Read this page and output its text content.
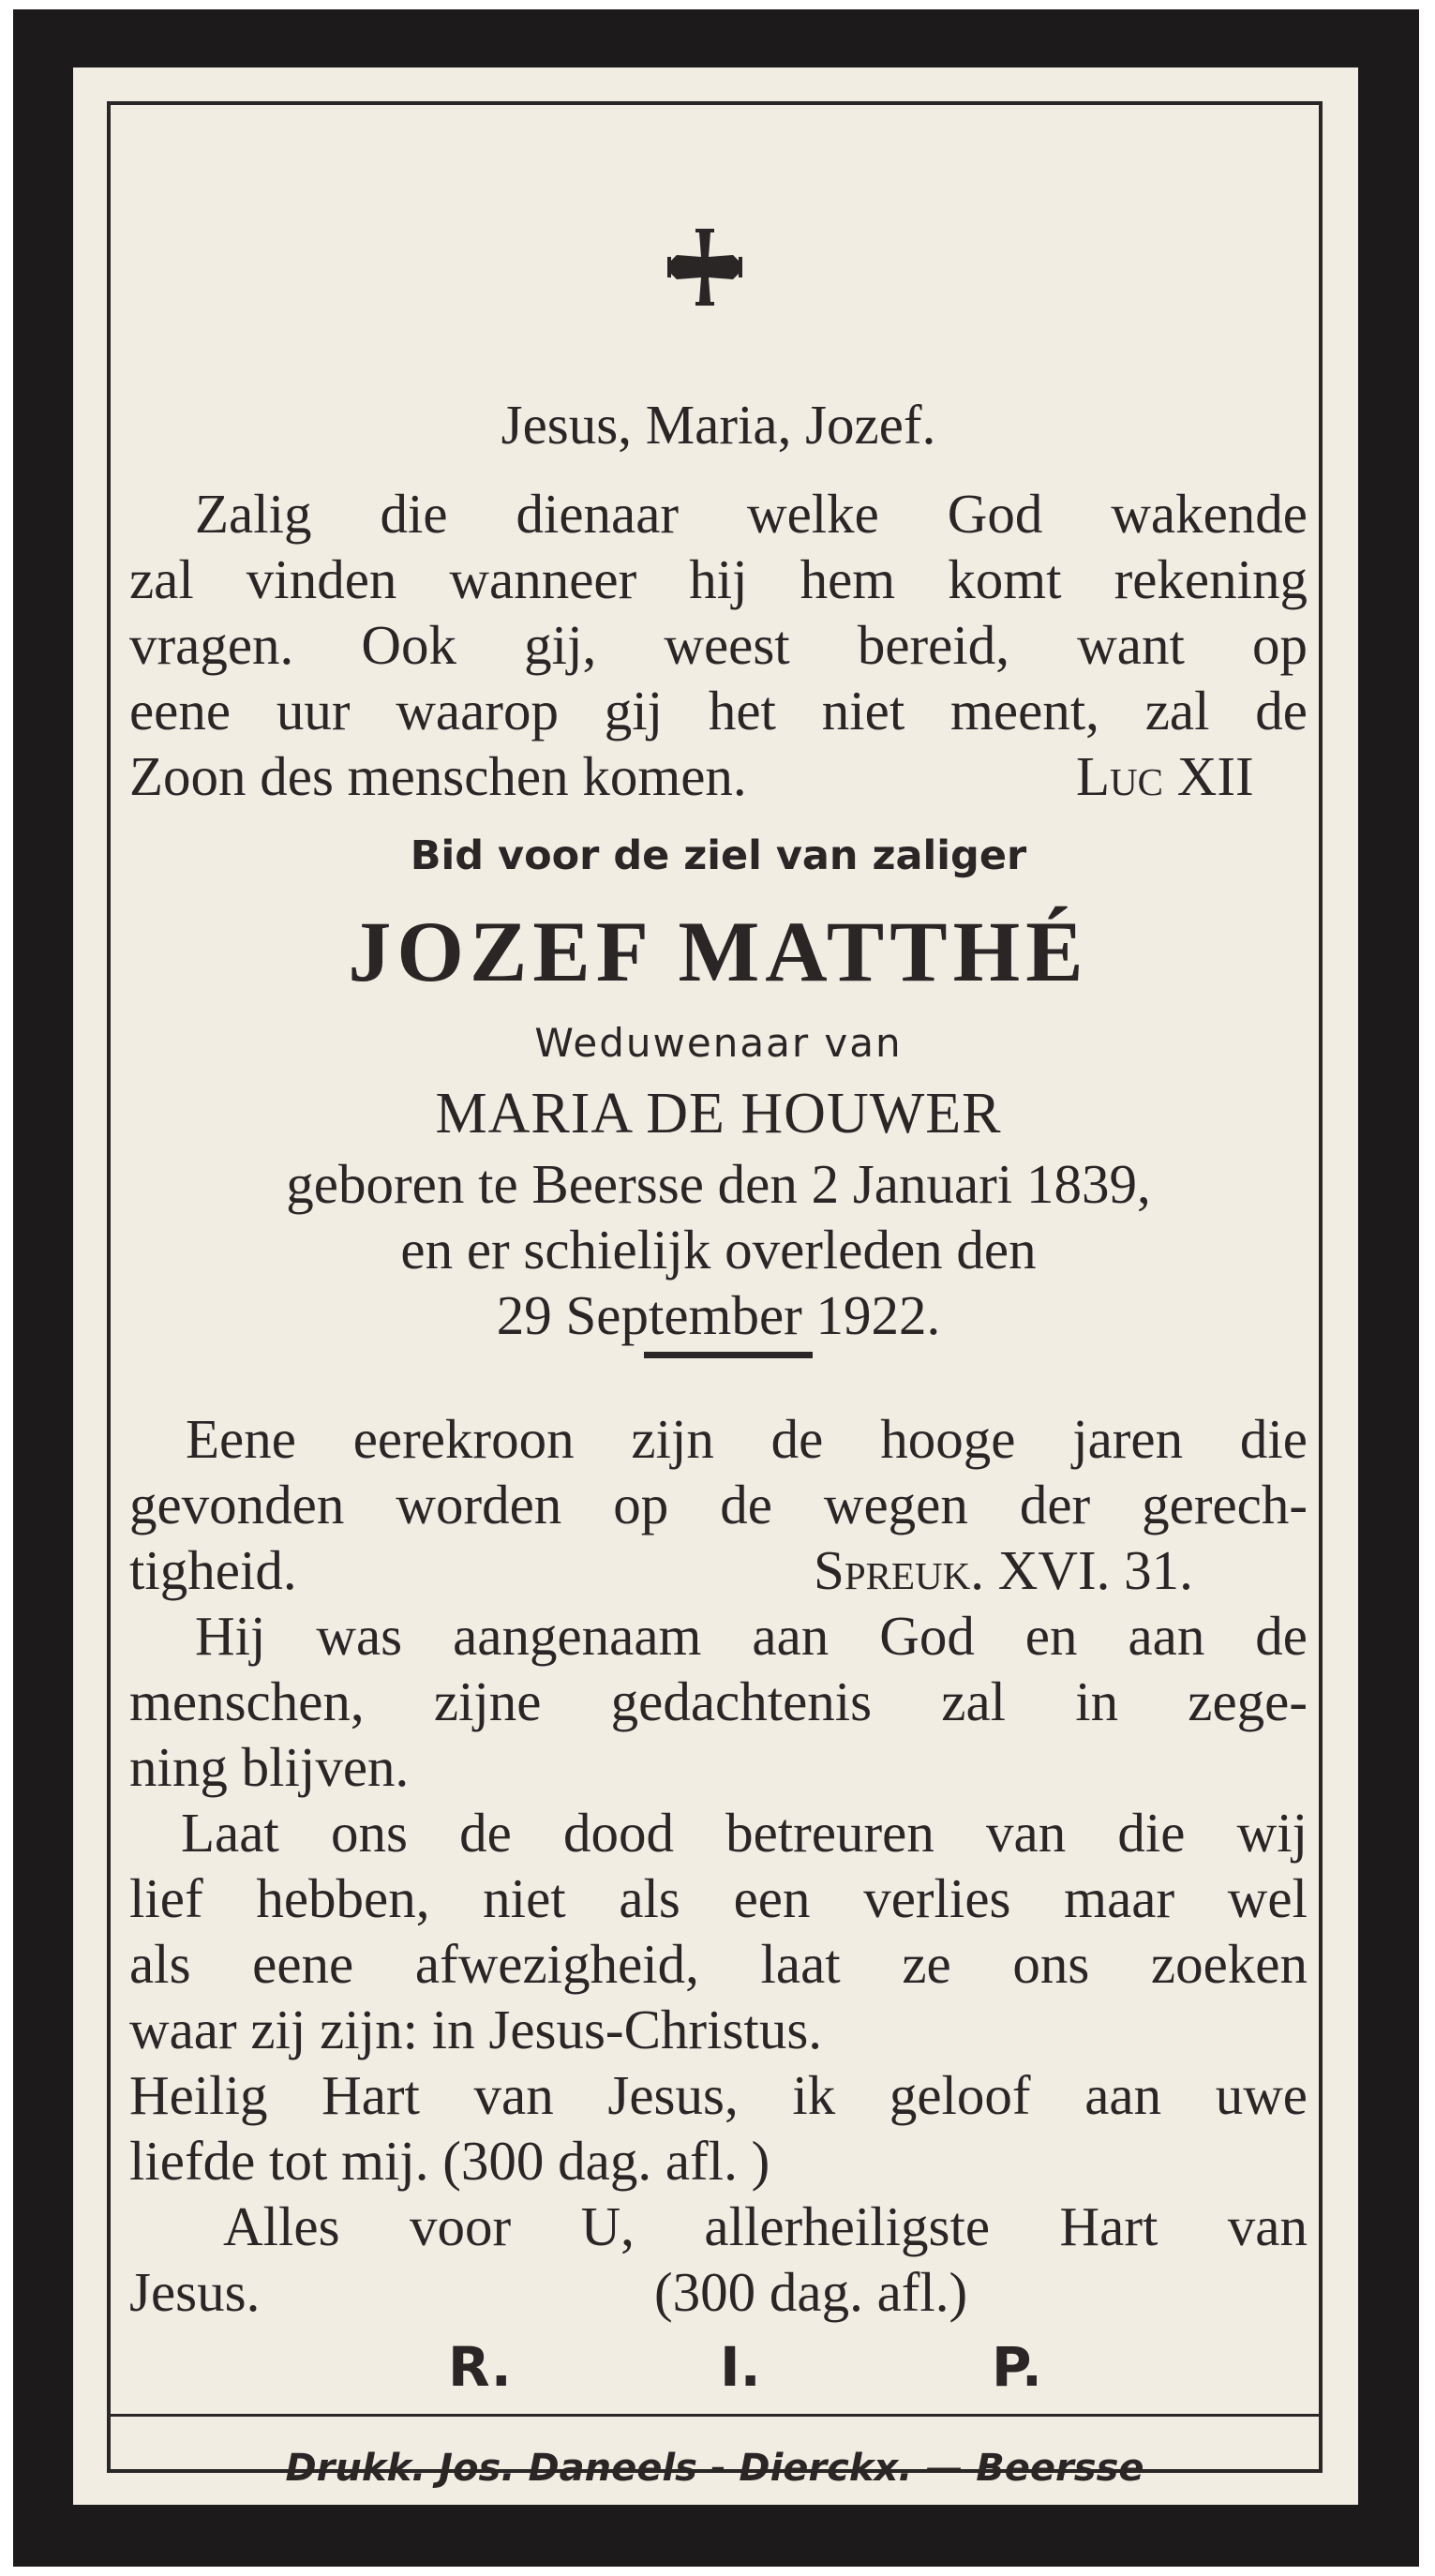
Jesus, Maria, Jozef.
Zalig die dienaar welke God wakende
zal vinden wanneer hij hem komt rekening
vragen. Ook gij, weest bereid, want op
eene uur waarop gij het niet meent, zal de
Zoon des menschen komen.	Luc XII
Bid voor de ziel van zaliger
JOZEF MATTHÉ
Weduwenaar van
MARIA DE HOUWER
geboren te Beersse den 2 Januari 1839,
en er schielijk overleden den
29 September 1922.
Eene eerekroon zijn de hooge jaren die
gevonden worden op de wegen der gerech-
tigheid.	Spreuk. XVI. 31.
Hij was aangenaam aan God en aan de
menschen, zijne gedachtenis zal in zege-
ning blijven.
Laat ons de dood betreuren van die wij
lief hebben, niet als een verlies maar wel
als eene afwezigheid, laat ze ons zoeken
waar zij zijn: in Jesus-Christus.
Heilig Hart van Jesus, ik geloof aan uwe
liefde tot mij. (300 dag. afl. )
Alles voor U, allerheiligste Hart van
Jesus.	(300 dag. afl.)
R.	I.	P.
Drukk. Jos. Daneels - Dierckx. — Beersse
